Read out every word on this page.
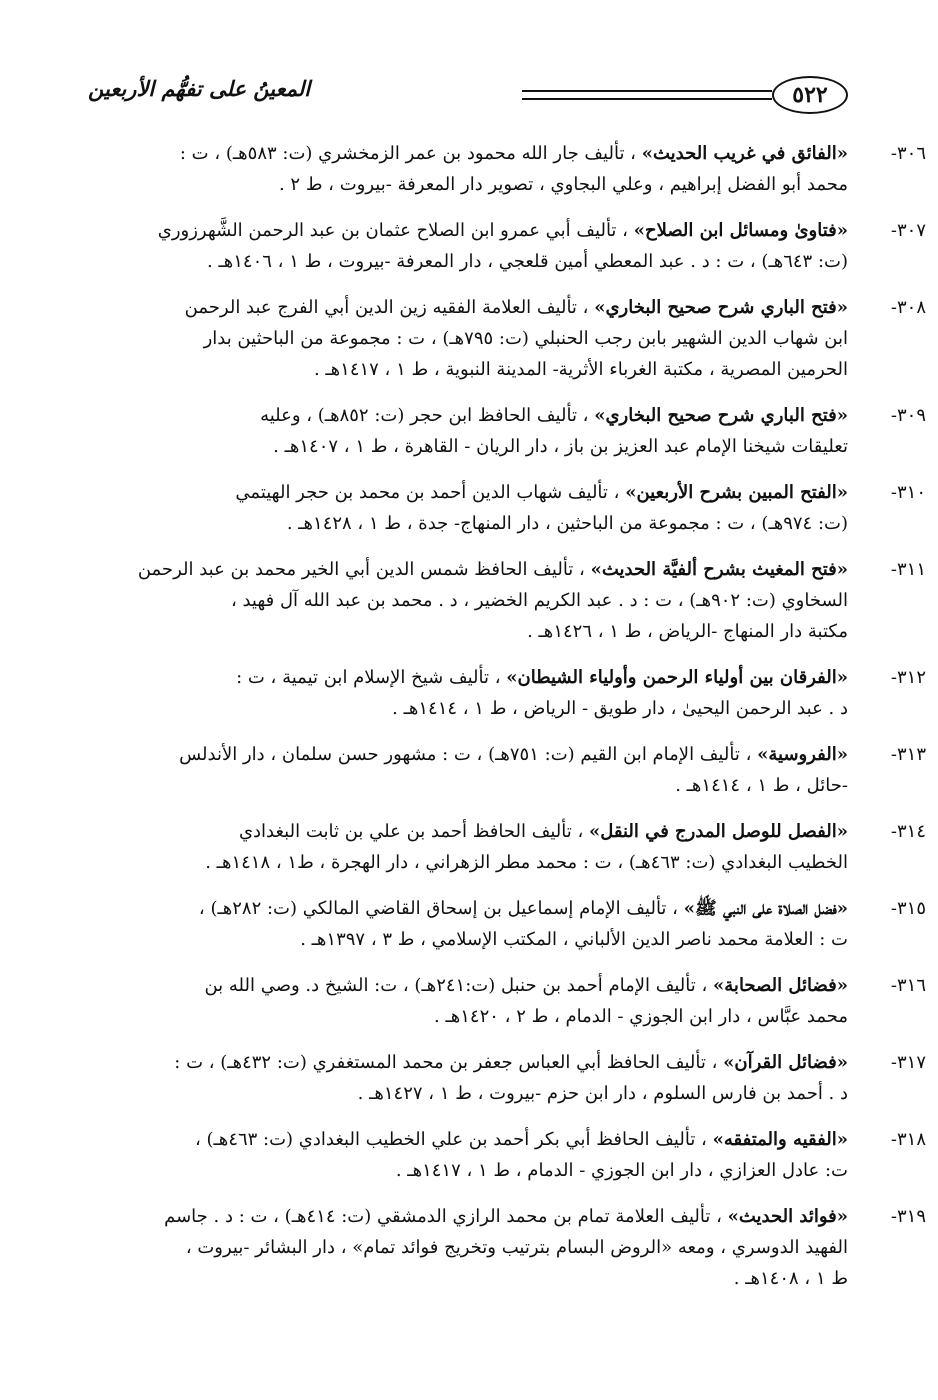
٥٢٢
المعينُ على تفهُّم الأربعين
٣٠٦-
«الفائق في غريب الحديث» ، تأليف جار الله محمود بن عمر الزمخشري (ت: ٥٨٣هـ) ، ت :
محمد أبو الفضل إبراهيم ، وعلي البجاوي ، تصوير دار المعرفة -بيروت ، ط ٢ .
٣٠٧-
«فتاوىٰ ومسائل ابن الصلاح» ، تأليف أبي عمرو ابن الصلاح عثمان بن عبد الرحمن الشَّهرزوري
(ت: ٦٤٣هـ) ، ت : د . عبد المعطي أمين قلعجي ، دار المعرفة -بيروت ، ط ١ ، ١٤٠٦هـ .
٣٠٨-
«فتح الباري شرح صحيح البخاري» ، تأليف العلامة الفقيه زين الدين أبي الفرج عبد الرحمن
ابن شهاب الدين الشهير بابن رجب الحنبلي (ت: ٧٩٥هـ) ، ت : مجموعة من الباحثين بدار
الحرمين المصرية ، مكتبة الغرباء الأثرية- المدينة النبوية ، ط ١ ، ١٤١٧هـ .
٣٠٩-
«فتح الباري شرح صحيح البخاري» ، تأليف الحافظ ابن حجر (ت: ٨٥٢هـ) ، وعليه
تعليقات شيخنا الإمام عبد العزيز بن باز ، دار الريان - القاهرة ، ط ١ ، ١٤٠٧هـ .
٣١٠-
«الفتح المبين بشرح الأربعين» ، تأليف شهاب الدين أحمد بن محمد بن حجر الهيتمي
(ت: ٩٧٤هـ) ، ت : مجموعة من الباحثين ، دار المنهاج- جدة ، ط ١ ، ١٤٢٨هـ .
٣١١-
«فتح المغيث بشرح ألفيَّة الحديث» ، تأليف الحافظ شمس الدين أبي الخير محمد بن عبد الرحمن
السخاوي (ت: ٩٠٢هـ) ، ت : د . عبد الكريم الخضير ، د . محمد بن عبد الله آل فهيد ،
مكتبة دار المنهاج -الرياض ، ط ١ ، ١٤٢٦هـ .
٣١٢-
«الفرقان بين أولياء الرحمن وأولياء الشيطان» ، تأليف شيخ الإسلام ابن تيمية ، ت :
د . عبد الرحمن اليحيىٰ ، دار طويق - الرياض ، ط ١ ، ١٤١٤هـ .
٣١٣-
«الفروسية» ، تأليف الإمام ابن القيم (ت: ٧٥١هـ) ، ت : مشهور حسن سلمان ، دار الأندلس
-حائل ، ط ١ ، ١٤١٤هـ .
٣١٤-
«الفصل للوصل المدرج في النقل» ، تأليف الحافظ أحمد بن علي بن ثابت البغدادي
الخطيب البغدادي (ت: ٤٦٣هـ) ، ت : محمد مطر الزهراني ، دار الهجرة ، ط١ ، ١٤١٨هـ .
٣١٥-
«فضل الصلاة على النبي ﷺ» ، تأليف الإمام إسماعيل بن إسحاق القاضي المالكي (ت: ٢٨٢هـ) ،
ت : العلامة محمد ناصر الدين الألباني ، المكتب الإسلامي ، ط ٣ ، ١٣٩٧هـ .
٣١٦-
«فضائل الصحابة» ، تأليف الإمام أحمد بن حنبل (ت:٢٤١هـ) ، ت: الشيخ د. وصي الله بن
محمد عبَّاس ، دار ابن الجوزي - الدمام ، ط ٢ ، ١٤٢٠هـ .
٣١٧-
«فضائل القرآن» ، تأليف الحافظ أبي العباس جعفر بن محمد المستغفري (ت: ٤٣٢هـ) ، ت :
د . أحمد بن فارس السلوم ، دار ابن حزم -بيروت ، ط ١ ، ١٤٢٧هـ .
٣١٨-
«الفقيه والمتفقه» ، تأليف الحافظ أبي بكر أحمد بن علي الخطيب البغدادي (ت: ٤٦٣هـ) ،
ت: عادل العزازي ، دار ابن الجوزي - الدمام ، ط ١ ، ١٤١٧هـ .
٣١٩-
«فوائد الحديث» ، تأليف العلامة تمام بن محمد الرازي الدمشقي (ت: ٤١٤هـ) ، ت : د . جاسم
الفهيد الدوسري ، ومعه «الروض البسام بترتيب وتخريج فوائد تمام» ، دار البشائر -بيروت ،
ط ١ ، ١٤٠٨هـ .
